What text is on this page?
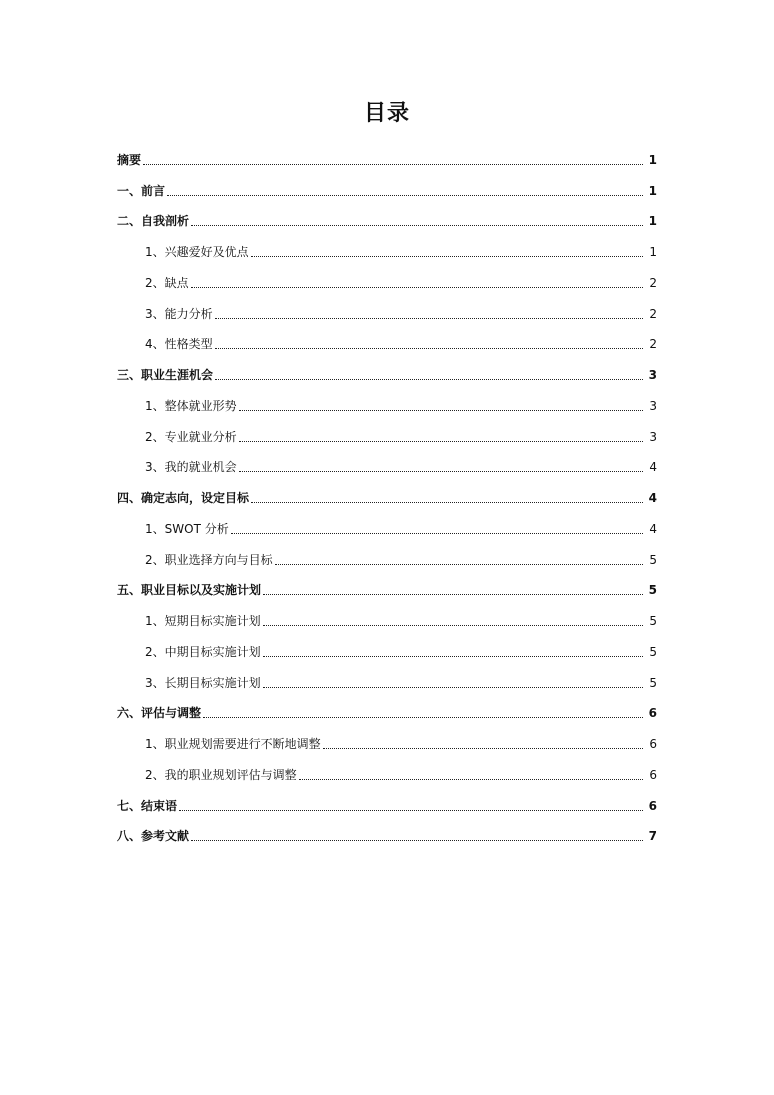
目录
摘要	1
一、前言	1
二、自我剖析	1
1、兴趣爱好及优点	1
2、缺点	2
3、能力分析	2
4、性格类型	2
三、职业生涯机会	3
1、整体就业形势	3
2、专业就业分析	3
3、我的就业机会	4
四、确定志向，设定目标	4
1、SWOT 分析	4
2、职业选择方向与目标	5
五、职业目标以及实施计划	5
1、短期目标实施计划	5
2、中期目标实施计划	5
3、长期目标实施计划	5
六、评估与调整	6
1、职业规划需要进行不断地调整	6
2、我的职业规划评估与调整	6
七、结束语	6
八、参考文献	7
